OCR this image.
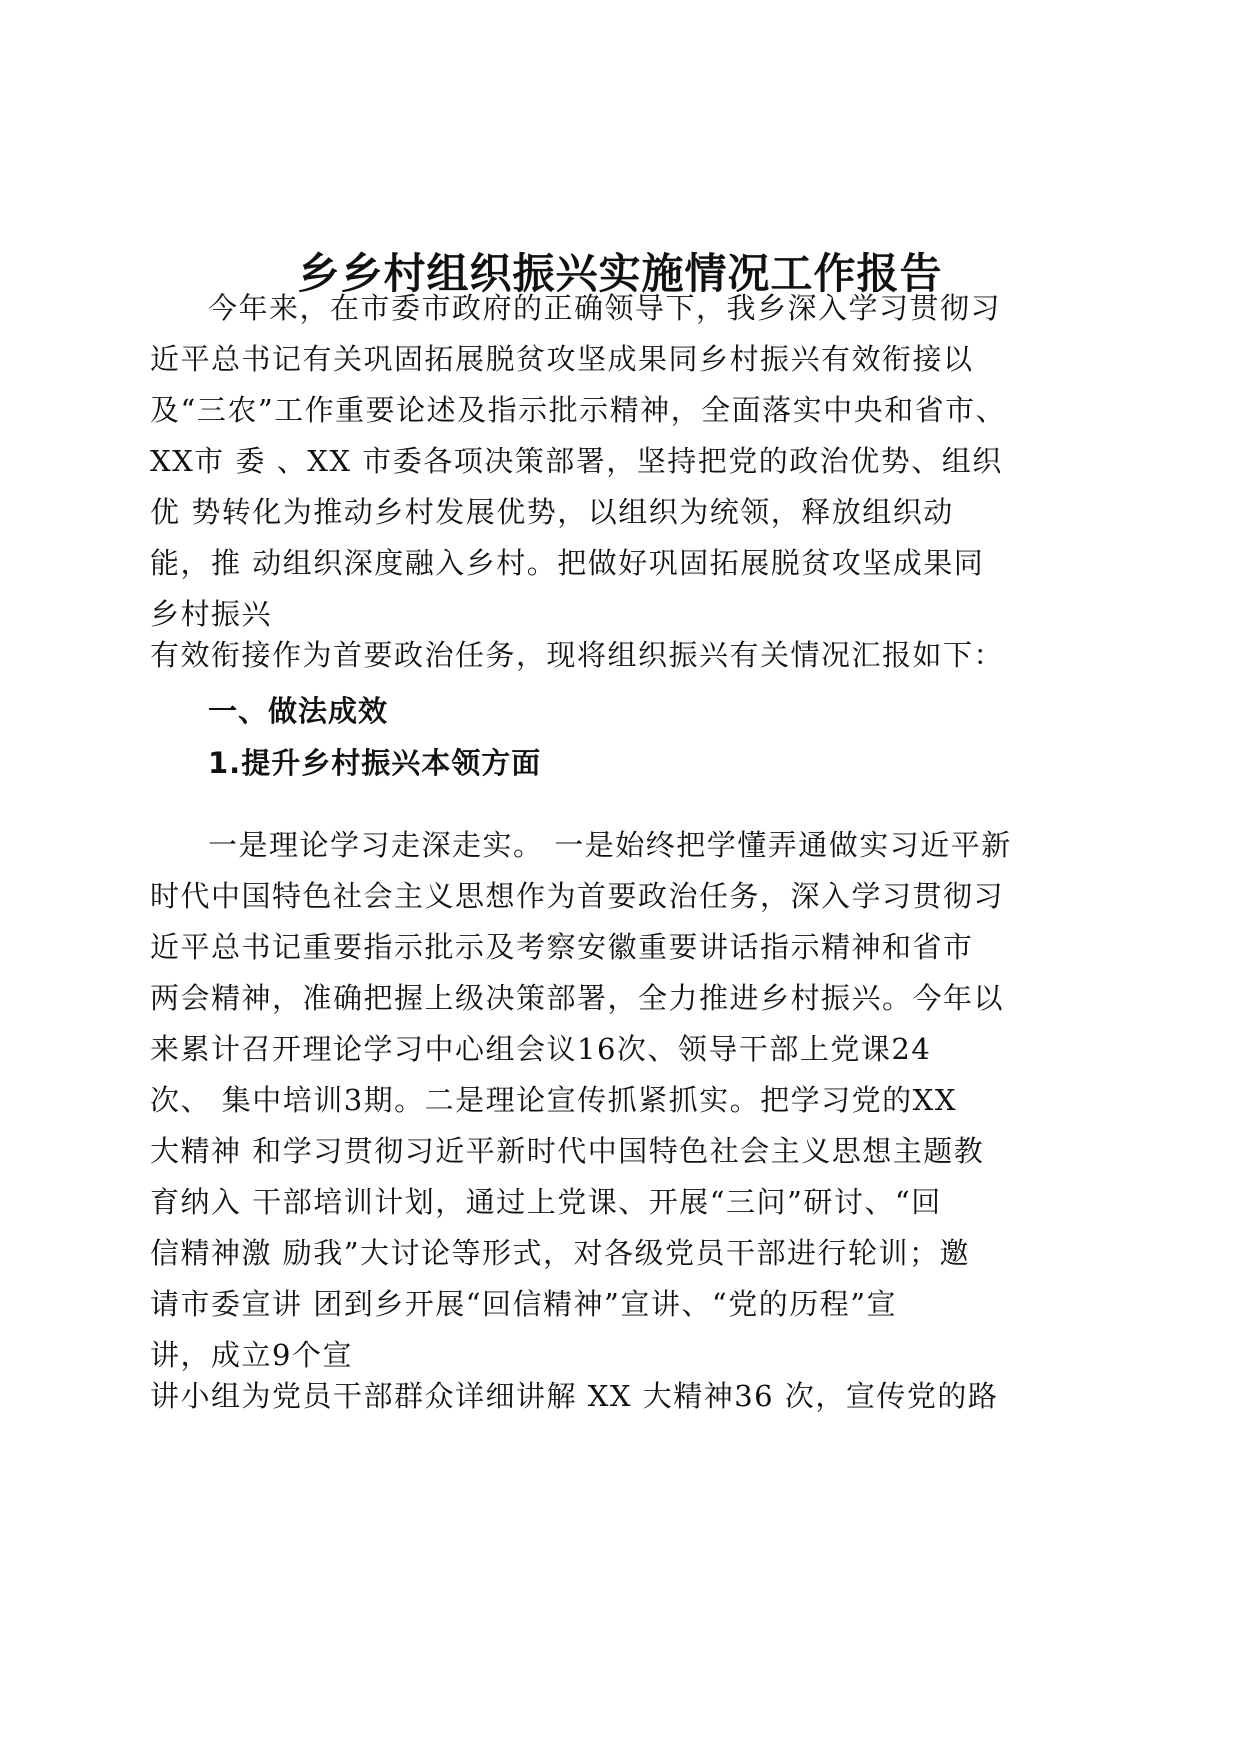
乡乡村组织振兴实施情况工作报告
今年来，在市委市政府的正确领导下，我乡深入学习贯彻习
近平总书记有关巩固拓展脱贫攻坚成果同乡村振兴有效衔接以
及“三农”工作重要论述及指示批示精神，全面落实中央和省市、
XX市 委 、XX 市委各项决策部署，坚持把党的政治优势、组织
优 势转化为推动乡村发展优势，以组织为统领，释放组织动
能，推 动组织深度融入乡村。把做好巩固拓展脱贫攻坚成果同
乡村振兴
有效衔接作为首要政治任务，现将组织振兴有关情况汇报如下：
一、做法成效
1.提升乡村振兴本领方面
一是理论学习走深走实。 一是始终把学懂弄通做实习近平新
时代中国特色社会主义思想作为首要政治任务，深入学习贯彻习
近平总书记重要指示批示及考察安徽重要讲话指示精神和省市
两会精神，准确把握上级决策部署，全力推进乡村振兴。今年以
来累计召开理论学习中心组会议16次、领导干部上党课24
次、 集中培训3期。二是理论宣传抓紧抓实。把学习党的XX
大精神 和学习贯彻习近平新时代中国特色社会主义思想主题教
育纳入 干部培训计划，通过上党课、开展“三问”研讨、“回
信精神激 励我”大讨论等形式，对各级党员干部进行轮训；邀
请市委宣讲 团到乡开展“回信精神”宣讲、“党的历程”宣
讲，成立9个宣
讲小组为党员干部群众详细讲解 XX 大精神36 次，宣传党的路
